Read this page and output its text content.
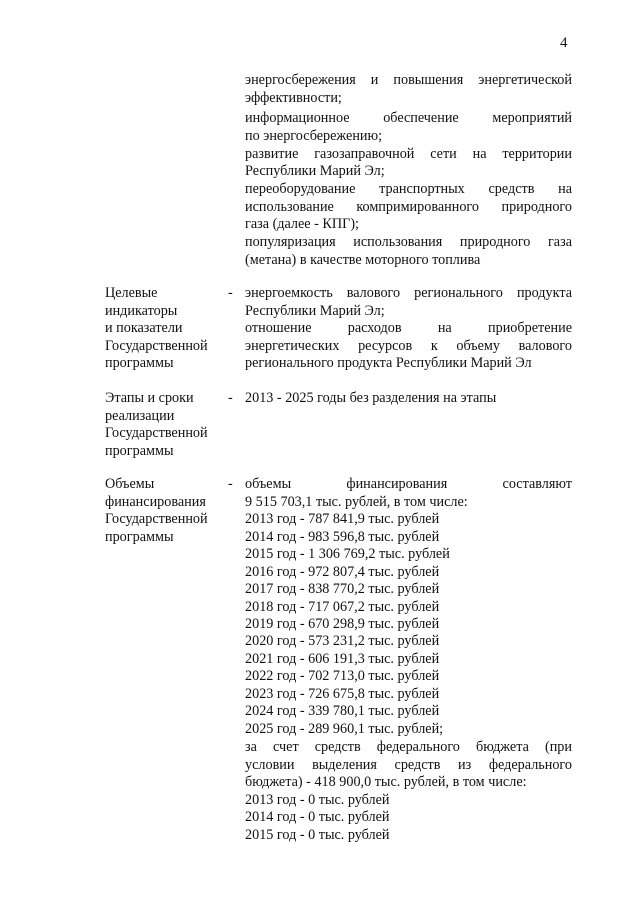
4
энергосбережения и повышения энергетической
эффективности;
информационное обеспечение мероприятий
по энергосбережению;
развитие газозаправочной сети на территории
Республики Марий Эл;
переоборудование транспортных средств на
использование компримированного природного
газа (далее - КПГ);
популяризация использования природного газа
(метана) в качестве моторного топлива
Целевые
индикаторы
и показатели
Государственной
программы
- энергоемкость валового регионального продукта
Республики Марий Эл;
отношение расходов на приобретение
энергетических ресурсов к объему валового
регионального продукта Республики Марий Эл
Этапы и сроки
реализации
Государственной
программы
- 2013 - 2025 годы без разделения на этапы
Объемы
финансирования
Государственной
программы
- объемы финансирования составляют
9 515 703,1 тыс. рублей, в том числе:
2013 год - 787 841,9 тыс. рублей
2014 год - 983 596,8 тыс. рублей
2015 год - 1 306 769,2 тыс. рублей
2016 год - 972 807,4 тыс. рублей
2017 год - 838 770,2 тыс. рублей
2018 год - 717 067,2 тыс. рублей
2019 год - 670 298,9 тыс. рублей
2020 год - 573 231,2 тыс. рублей
2021 год - 606 191,3 тыс. рублей
2022 год - 702 713,0 тыс. рублей
2023 год - 726 675,8 тыс. рублей
2024 год - 339 780,1 тыс. рублей
2025 год - 289 960,1 тыс. рублей;
за счет средств федерального бюджета (при
условии выделения средств из федерального
бюджета) - 418 900,0 тыс. рублей, в том числе:
2013 год - 0 тыс. рублей
2014 год - 0 тыс. рублей
2015 год - 0 тыс. рублей
